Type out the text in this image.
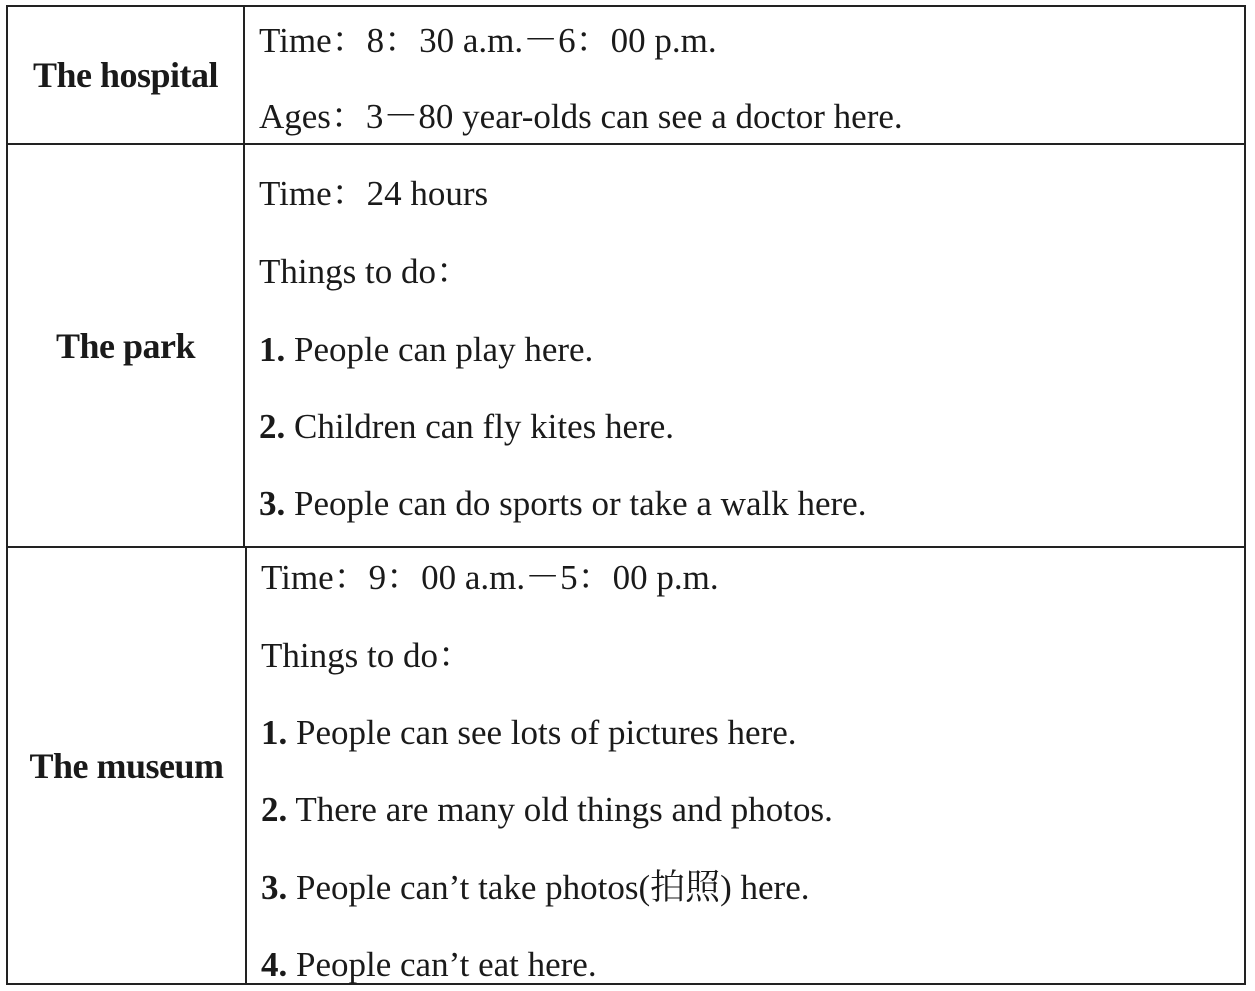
The hospital
Time：8：30 a.m.－6：00 p.m.
Ages：3－80 year-olds can see a doctor here.
The park
Time：24 hours
Things to do：
1. People can play here.
2. Children can fly kites here.
3. People can do sports or take a walk here.
The museum
Time：9：00 a.m.－5：00 p.m.
Things to do：
1. People can see lots of pictures here.
2. There are many old things and photos.
3. People can’t take photos(拍照) here.
4. People can’t eat here.
